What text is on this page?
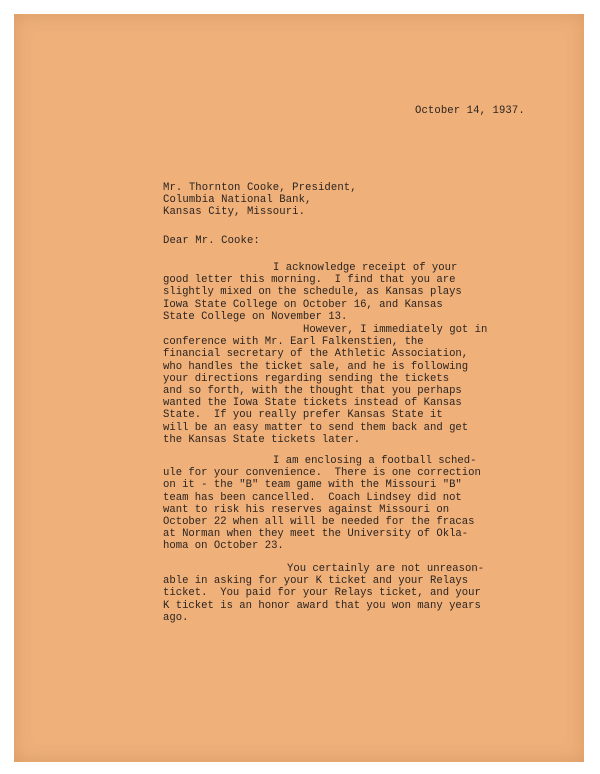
October 14, 1937.
Mr. Thornton Cooke, President,
Columbia National Bank,
Kansas City, Missouri.
Dear Mr. Cooke:
I acknowledge receipt of your
good letter this morning.  I find that you are
slightly mixed on the schedule, as Kansas plays
Iowa State College on October 16, and Kansas
State College on November 13.
However, I immediately got in
conference with Mr. Earl Falkenstien, the
financial secretary of the Athletic Association,
who handles the ticket sale, and he is following
your directions regarding sending the tickets
and so forth, with the thought that you perhaps
wanted the Iowa State tickets instead of Kansas
State.  If you really prefer Kansas State it
will be an easy matter to send them back and get
the Kansas State tickets later.
I am enclosing a football sched-
ule for your convenience.  There is one correction
on it - the "B" team game with the Missouri "B"
team has been cancelled.  Coach Lindsey did not
want to risk his reserves against Missouri on
October 22 when all will be needed for the fracas
at Norman when they meet the University of Okla-
homa on October 23.
You certainly are not unreason-
able in asking for your K ticket and your Relays
ticket.  You paid for your Relays ticket, and your
K ticket is an honor award that you won many years
ago.
